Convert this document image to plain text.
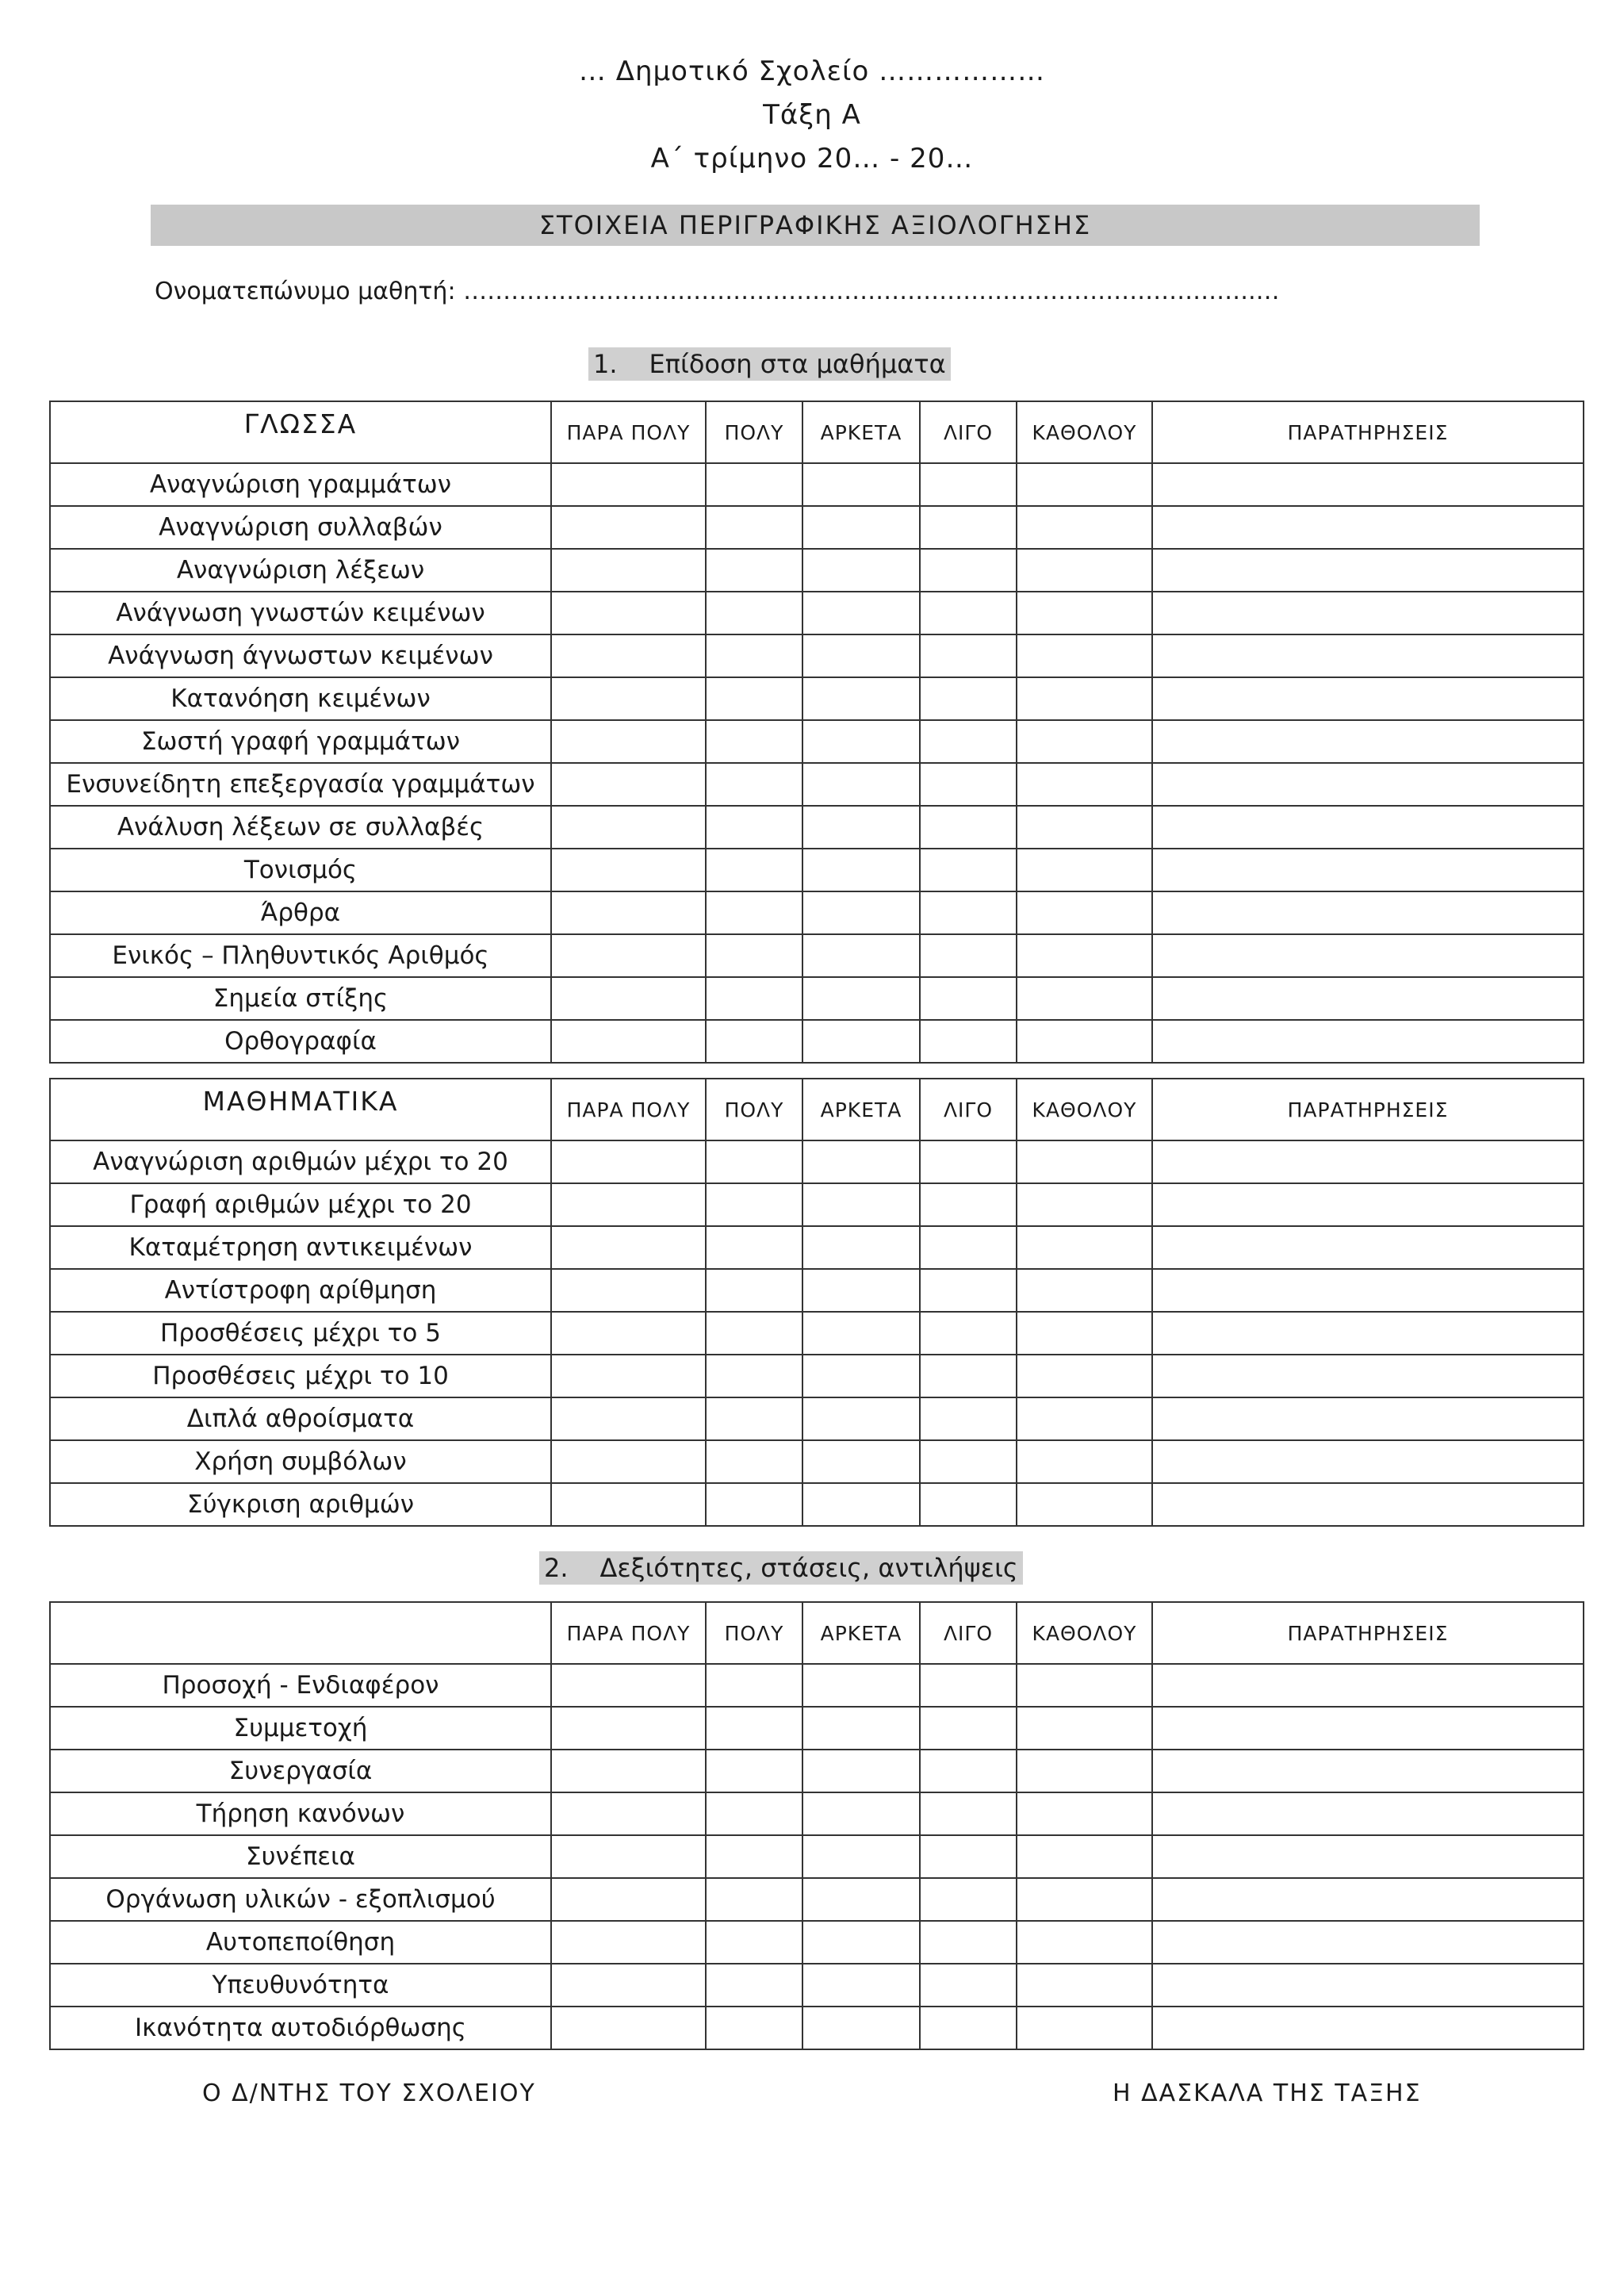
… Δημοτικό Σχολείο ………………
Τάξη Α
Α΄ τρίμηνο 20… - 20…
ΣΤΟΙΧΕΙΑ ΠΕΡΙΓΡΑΦΙΚΗΣ ΑΞΙΟΛΟΓΗΣΗΣ
Ονοματεπώνυμο μαθητή: ……………………………………………………………………………………….…
1. Επίδοση στα μαθήματα
ΓΛΩΣΣΑ	ΠΑΡΑ ΠΟΛΥ	ΠΟΛΥ	ΑΡΚΕΤΑ	ΛΙΓΟ	ΚΑΘΟΛΟΥ	ΠΑΡΑΤΗΡΗΣΕΙΣ
Αναγνώριση γραμμάτων						
Αναγνώριση συλλαβών						
Αναγνώριση λέξεων						
Ανάγνωση γνωστών κειμένων						
Ανάγνωση άγνωστων κειμένων						
Κατανόηση κειμένων						
Σωστή γραφή γραμμάτων						
Ενσυνείδητη επεξεργασία γραμμάτων						
Ανάλυση λέξεων σε συλλαβές						
Τονισμός						
Άρθρα						
Ενικός – Πληθυντικός Αριθμός						
Σημεία στίξης						
Ορθογραφία						
ΜΑΘΗΜΑΤΙΚΑ	ΠΑΡΑ ΠΟΛΥ	ΠΟΛΥ	ΑΡΚΕΤΑ	ΛΙΓΟ	ΚΑΘΟΛΟΥ	ΠΑΡΑΤΗΡΗΣΕΙΣ
Αναγνώριση αριθμών μέχρι το 20						
Γραφή αριθμών μέχρι το 20						
Καταμέτρηση αντικειμένων						
Αντίστροφη αρίθμηση						
Προσθέσεις μέχρι το 5						
Προσθέσεις μέχρι το 10						
Διπλά αθροίσματα						
Χρήση συμβόλων						
Σύγκριση αριθμών						
2. Δεξιότητες, στάσεις, αντιλήψεις
	ΠΑΡΑ ΠΟΛΥ	ΠΟΛΥ	ΑΡΚΕΤΑ	ΛΙΓΟ	ΚΑΘΟΛΟΥ	ΠΑΡΑΤΗΡΗΣΕΙΣ
Προσοχή - Ενδιαφέρον						
Συμμετοχή						
Συνεργασία						
Τήρηση κανόνων						
Συνέπεια						
Οργάνωση υλικών - εξοπλισμού						
Αυτοπεποίθηση						
Υπευθυνότητα						
Ικανότητα αυτοδιόρθωσης						
Ο Δ/ΝΤΗΣ ΤΟΥ ΣΧΟΛΕΙΟΥ	Η ΔΑΣΚΑΛΑ ΤΗΣ ΤΑΞΗΣ
